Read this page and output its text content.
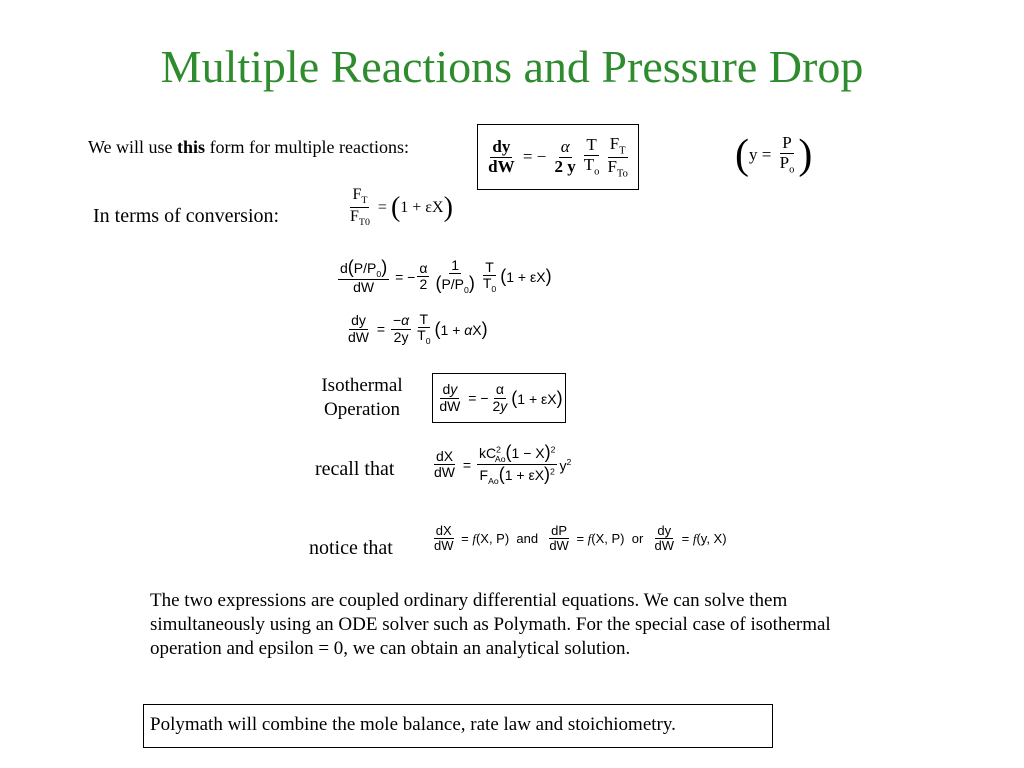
Multiple Reactions and Pressure Drop
We will use this form for multiple reactions:	$\frac{dy}{dW}$ = − $\frac{\alpha}{2 y} \frac{T}{T_o} \frac{F_T}{F_{To}}$	( $y = \frac{P}{P_o}$ )
In terms of conversion:	$\frac{F_T}{F_{T0}}$ = ( 1 + εX )
$\frac{d(P/P_0)}{dW}$ = − $\frac{\alpha}{2} \frac{1}{(P/P_0)} \frac{T}{T_0} (1 + \varepsilon X)$
$\frac{dy}{dW} = \frac{-\alpha}{2y} \frac{T}{T_0} (1 + \alpha X)$
Isothermal
Operation	$\frac{dy}{dW}$ = − $\frac{\alpha}{2y} (1 + \varepsilon X)$
recall that	$\frac{dX}{dW} = \frac{kC^2_{Ao}(1 - X)^2}{F_{Ao}(1 + \varepsilon X)^2} y^2$
notice that	$\frac{dX}{dW} = f(X$, P)  and $\frac{dP}{dW} = f(X$, P)  or $\frac{dy}{dW} = f(y$, X)
The two expressions are coupled ordinary differential equations. We can solve them simultaneously using an ODE solver such as Polymath. For the special case of isothermal operation and epsilon = 0, we can obtain an analytical solution.
Polymath will combine the mole balance, rate law and stoichiometry.
